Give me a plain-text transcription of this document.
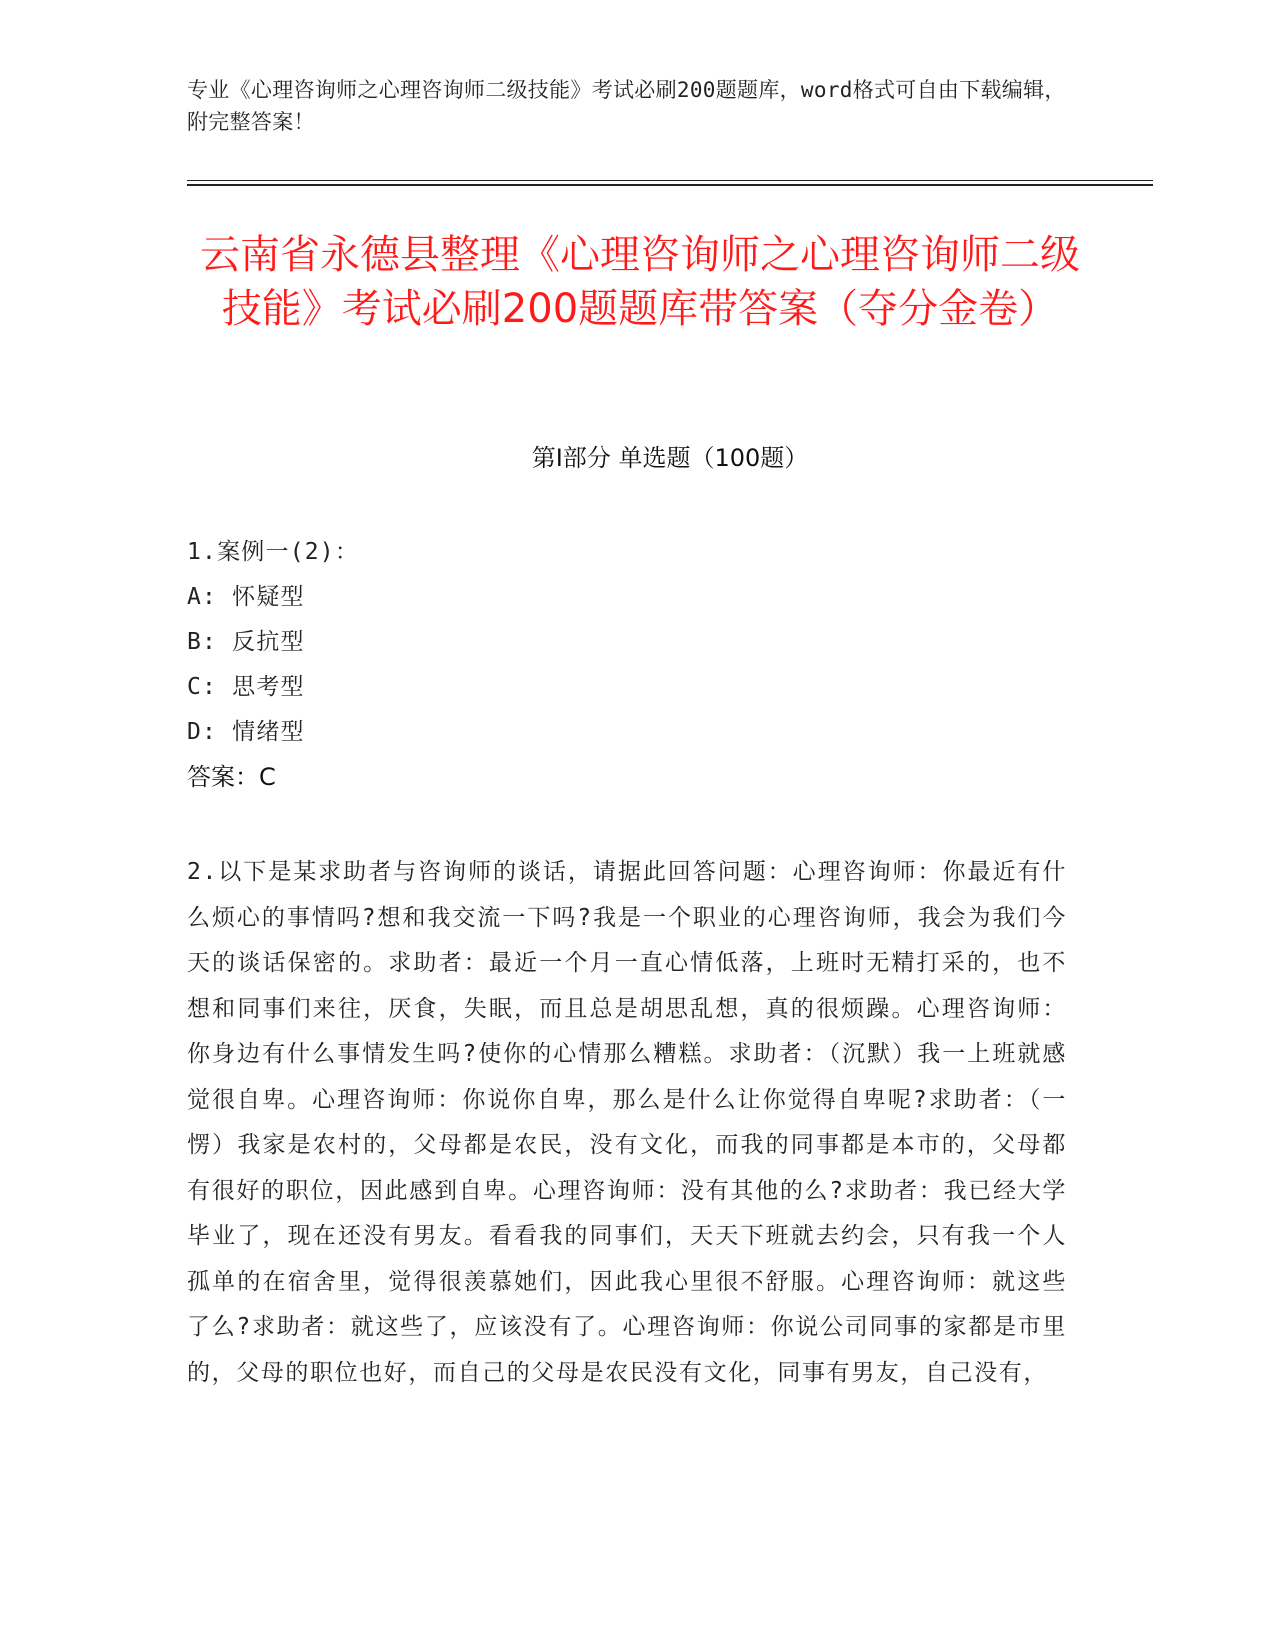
专业《心理咨询师之心理咨询师二级技能》考试必刷200题题库，word格式可自由下载编辑，附完整答案！
云南省永德县整理《心理咨询师之心理咨询师二级技能》考试必刷200题题库带答案（夺分金卷）
第Ⅰ部分 单选题（100题）
1.案例一(2)：
A: 怀疑型
B: 反抗型
C: 思考型
D: 情绪型
答案：C
2.以下是某求助者与咨询师的谈话，请据此回答问题：心理咨询师：你最近有什么烦心的事情吗?想和我交流一下吗?我是一个职业的心理咨询师，我会为我们今天的谈话保密的。求助者：最近一个月一直心情低落，上班时无精打采的，也不想和同事们来往，厌食，失眠，而且总是胡思乱想，真的很烦躁。心理咨询师：你身边有什么事情发生吗?使你的心情那么糟糕。求助者：（沉默）我一上班就感觉很自卑。心理咨询师：你说你自卑，那么是什么让你觉得自卑呢?求助者：（一愣）我家是农村的，父母都是农民，没有文化，而我的同事都是本市的，父母都有很好的职位，因此感到自卑。心理咨询师：没有其他的么?求助者：我已经大学毕业了，现在还没有男友。看看我的同事们，天天下班就去约会，只有我一个人孤单的在宿舍里，觉得很羡慕她们，因此我心里很不舒服。心理咨询师：就这些了么?求助者：就这些了，应该没有了。心理咨询师：你说公司同事的家都是市里的，父母的职位也好，而自己的父母是农民没有文化，同事有男友，自己没有，
